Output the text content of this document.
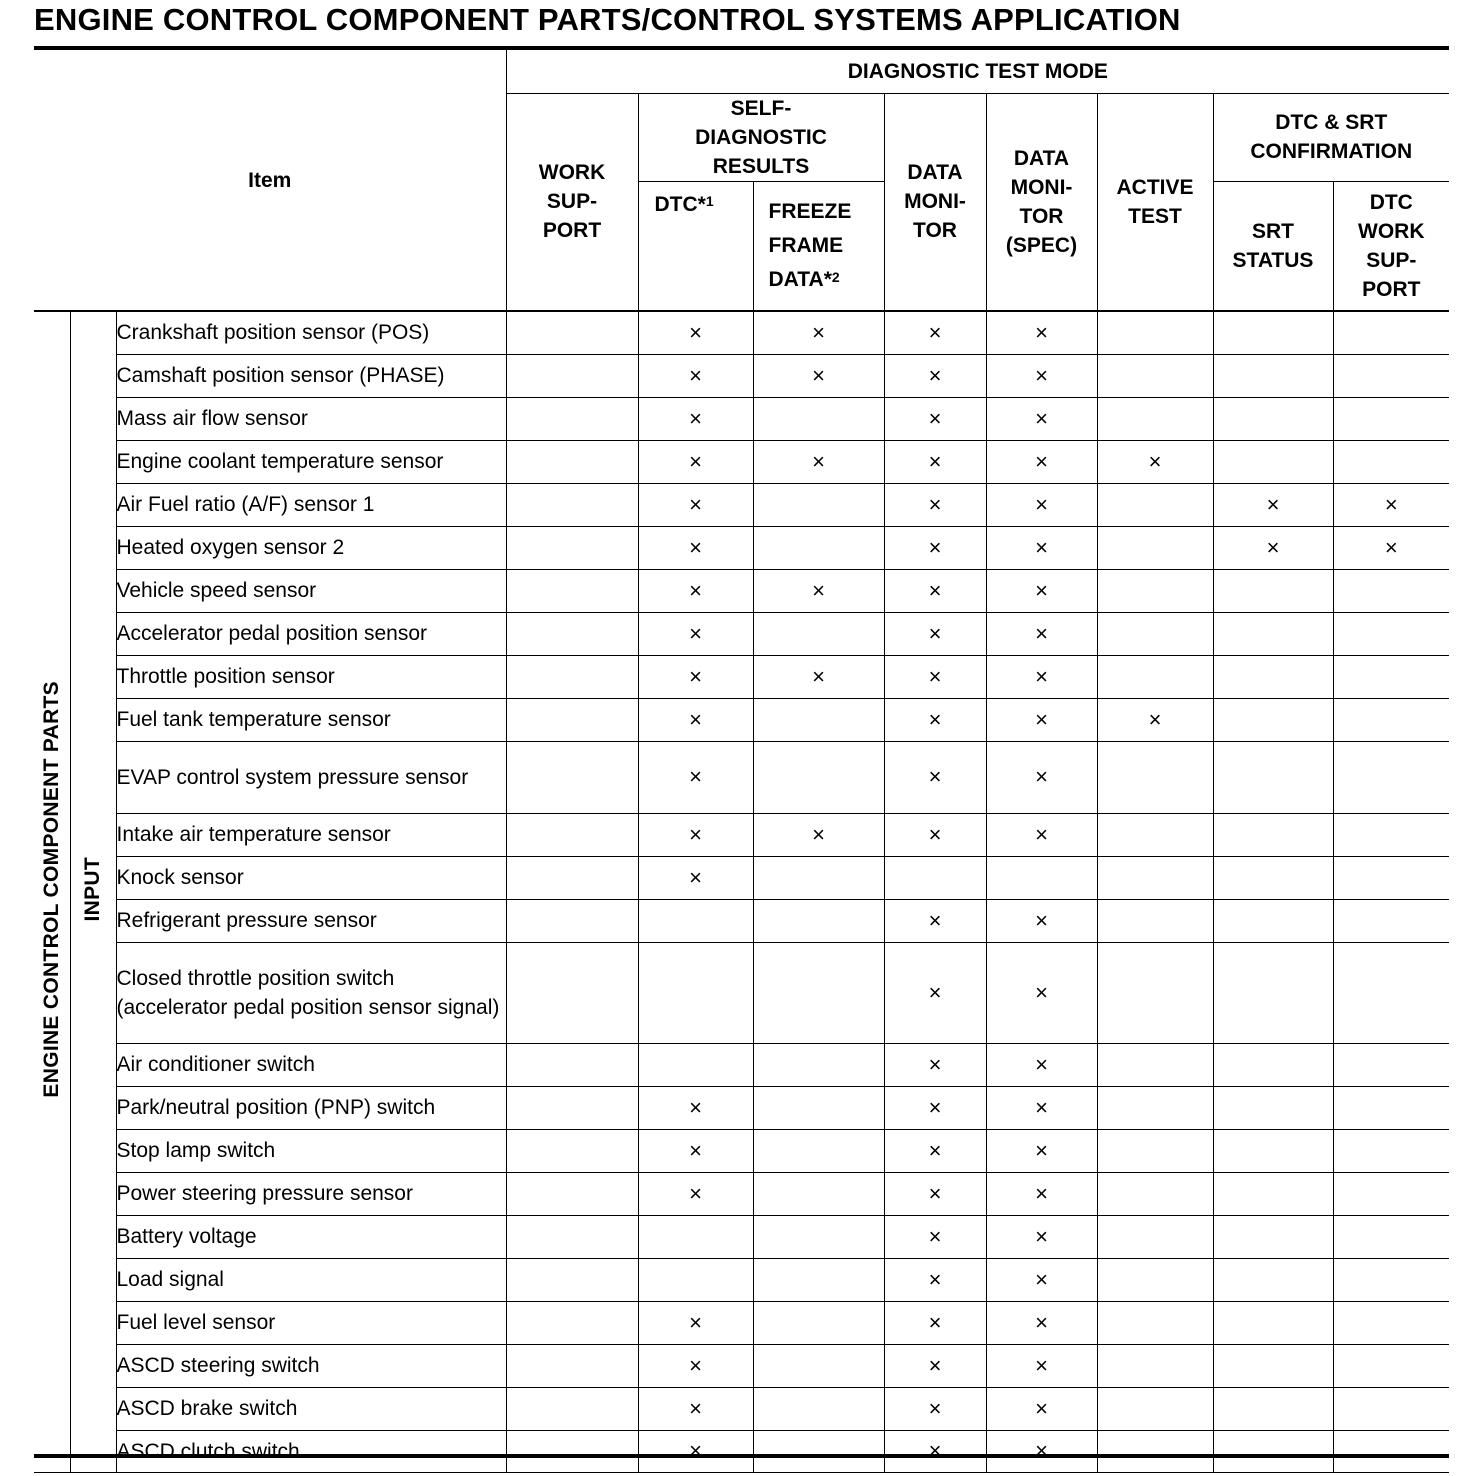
ENGINE CONTROL COMPONENT PARTS/CONTROL SYSTEMS APPLICATION
Item			DIAGNOSTIC TEST MODE							
			WORK SUP-PORT	SELF-DIAGNOSTIC RESULTS		DATA MONI-TOR	DATA MONI-TOR (SPEC)	ACTIVE TEST	DTC & SRT CONFIRMATION	
				DTC*$^1$	FREEZE FRAME DATA*$^2$				SRT STATUS	DTC WORK SUP-PORT
ENGINE CONTROL COMPONENT PARTS	INPUT	Crankshaft position sensor (POS)		×	×	×	×			
		Camshaft position sensor (PHASE)		×	×	×	×			
		Mass air flow sensor		×		×	×			
		Engine coolant temperature sensor		×	×	×	×	×		
		Air Fuel ratio (A/F) sensor 1		×		×	×		×	×
		Heated oxygen sensor 2		×		×	×		×	×
		Vehicle speed sensor		×	×	×	×			
		Accelerator pedal position sensor		×		×	×			
		Throttle position sensor		×	×	×	×			
		Fuel tank temperature sensor		×		×	×	×		
		EVAP control system pressure sensor		×		×	×			
		Intake air temperature sensor		×	×	×	×			
		Knock sensor		×						
		Refrigerant pressure sensor				×	×			
		Closed throttle position switch (accelerator pedal position sensor signal)				×	×			
		Air conditioner switch				×	×			
		Park/neutral position (PNP) switch		×		×	×			
		Stop lamp switch		×		×	×			
		Power steering pressure sensor		×		×	×			
		Battery voltage				×	×			
		Load signal				×	×			
		Fuel level sensor		×		×	×			
		ASCD steering switch		×		×	×			
		ASCD brake switch		×		×	×			
		ASCD clutch switch		×		×	×			
